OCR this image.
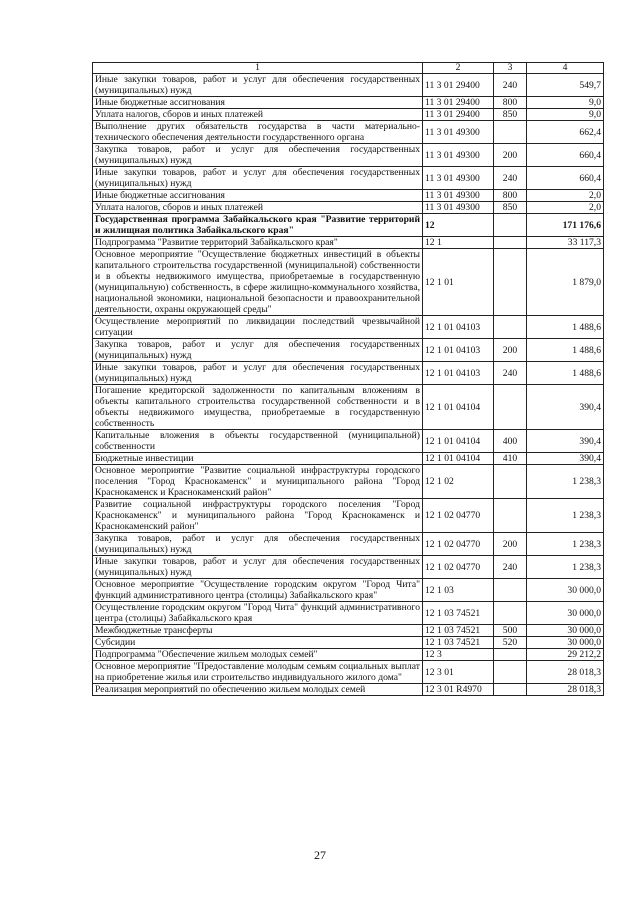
1	2	3	4
Иные закупки товаров, работ и услуг для обеспечения государственных (муниципальных) нужд	11 3 01 29400	240	549,7
Иные бюджетные ассигнования	11 3 01 29400	800	9,0
Уплата налогов, сборов и иных платежей	11 3 01 29400	850	9,0
Выполнение других обязательств государства в части материально-технического обеспечения деятельности государственного органа	11 3 01 49300		662,4
Закупка товаров, работ и услуг для обеспечения государственных (муниципальных) нужд	11 3 01 49300	200	660,4
Иные закупки товаров, работ и услуг для обеспечения государственных (муниципальных) нужд	11 3 01 49300	240	660,4
Иные бюджетные ассигнования	11 3 01 49300	800	2,0
Уплата налогов, сборов и иных платежей	11 3 01 49300	850	2,0
Государственная программа Забайкальского края "Развитие территорий и жилищная политика Забайкальского края"	12		171 176,6
Подпрограмма "Развитие территорий Забайкальского края"	12 1		33 117,3
Основное мероприятие "Осуществление бюджетных инвестиций в объекты капитального строительства государственной (муниципальной) собственности и в объекты недвижимого имущества, приобретаемые в государственную (муниципальную) собственность, в сфере жилищно-коммунального хозяйства, национальной экономики, национальной безопасности и правоохранительной деятельности, охраны окружающей среды"	12 1 01		1 879,0
Осуществление мероприятий по ликвидации последствий чрезвычайной ситуации	12 1 01 04103		1 488,6
Закупка товаров, работ и услуг для обеспечения государственных (муниципальных) нужд	12 1 01 04103	200	1 488,6
Иные закупки товаров, работ и услуг для обеспечения государственных (муниципальных) нужд	12 1 01 04103	240	1 488,6
Погашение кредиторской задолженности по капитальным вложениям в объекты капитального строительства государственной собственности и в объекты недвижимого имущества, приобретаемые в государственную собственность	12 1 01 04104		390,4
Капитальные вложения в объекты государственной (муниципальной) собственности	12 1 01 04104	400	390,4
Бюджетные инвестиции	12 1 01 04104	410	390,4
Основное мероприятие "Развитие социальной инфраструктуры городского поселения "Город Краснокаменск" и муниципального района "Город Краснокаменск и Краснокаменский район"	12 1 02		1 238,3
Развитие социальной инфраструктуры городского поселения "Город Краснокаменск" и муниципального района "Город Краснокаменск и Краснокаменский район"	12 1 02 04770		1 238,3
Закупка товаров, работ и услуг для обеспечения государственных (муниципальных) нужд	12 1 02 04770	200	1 238,3
Иные закупки товаров, работ и услуг для обеспечения государственных (муниципальных) нужд	12 1 02 04770	240	1 238,3
Основное мероприятие "Осуществление городским округом "Город Чита" функций административного центра (столицы) Забайкальского края"	12 1 03		30 000,0
Осуществление городским округом "Город Чита" функций административного центра (столицы) Забайкальского края	12 1 03 74521		30 000,0
Межбюджетные трансферты	12 1 03 74521	500	30 000,0
Субсидии	12 1 03 74521	520	30 000,0
Подпрограмма "Обеспечение жильем молодых семей"	12 3		29 212,2
Основное мероприятие "Предоставление молодым семьям социальных выплат на приобретение жилья или строительство индивидуального жилого дома"	12 3 01		28 018,3
Реализация мероприятий по обеспечению жильем молодых семей	12 3 01 R4970		28 018,3
27
